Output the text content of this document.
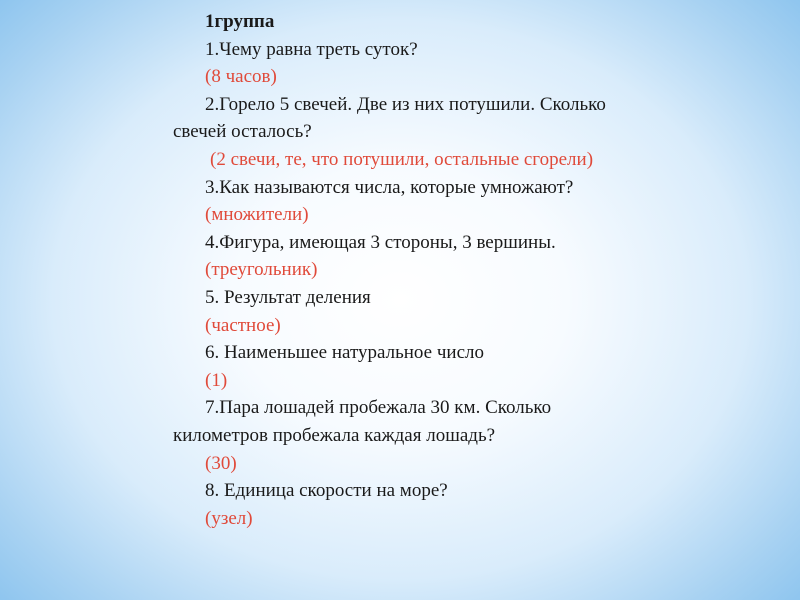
1группа

1.Чему равна треть суток?

(8 часов)

2.Горело 5 свечей. Две из них потушили. Сколько

свечей осталось?

(2 свечи, те, что потушили, остальные сгорели)

3.Как называются числа, которые умножают?

(множители)

4.Фигура, имеющая 3 стороны, 3 вершины.

(треугольник)

5. Результат деления

(частное)

6. Наименьшее натуральное число

(1)

7.Пара лошадей пробежала 30 км. Сколько

километров пробежала каждая лошадь?

(30)

8. Единица скорости на море?

(узел)
